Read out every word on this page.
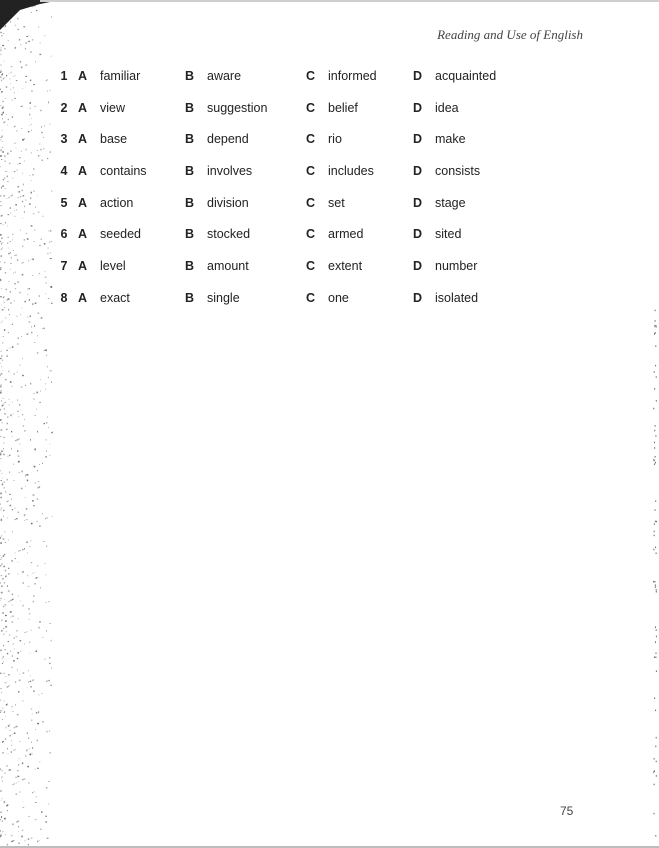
Reading and Use of English
1	A	familiar	B	aware	C	informed	D	acquainted
2	A	view	B	suggestion	C	belief	D	idea
3	A	base	B	depend	C	rio	D	make
4	A	contains	B	involves	C	includes	D	consists
5	A	action	B	division	C	set	D	stage
6	A	seeded	B	stocked	C	armed	D	sited
7	A	level	B	amount	C	extent	D	number
8	A	exact	B	single	C	one	D	isolated
75
